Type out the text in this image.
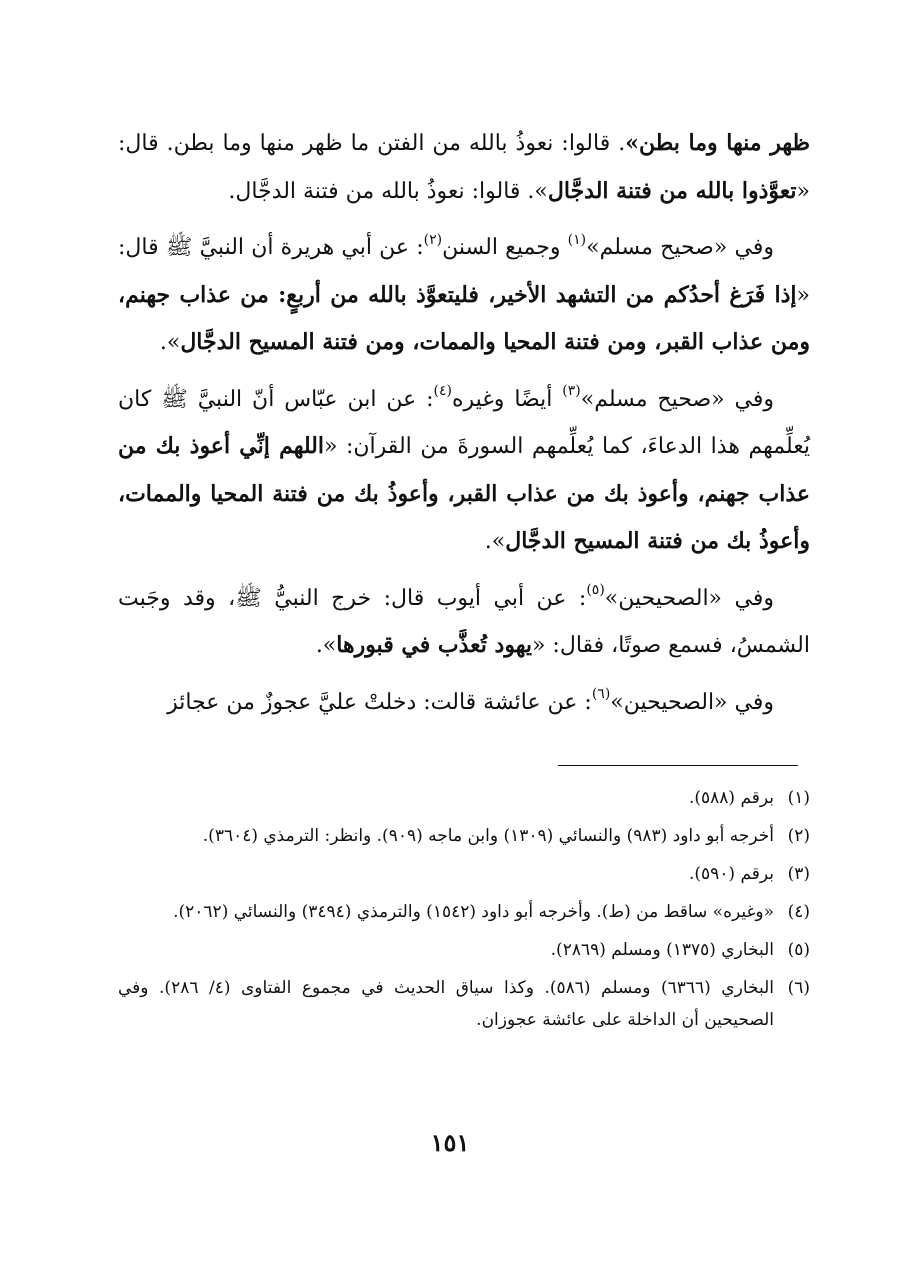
ظهر منها وما بطن». قالوا: نعوذُ بالله من الفتن ما ظهر منها وما بطن. قال: «تعوَّذوا بالله من فتنة الدجَّال». قالوا: نعوذُ بالله من فتنة الدجَّال.

وفي «صحيح مسلم»$^{(١)}$ وجميع السنن$^{(٢)}$: عن أبي هريرة أن النبيَّ ﷺ قال: «إذا فَرَغ أحدُكم من التشهد الأخير، فليتعوَّذ بالله من أربعٍ: من عذاب جهنم، ومن عذاب القبر، ومن فتنة المحيا والممات، ومن فتنة المسيح الدجَّال».

وفي «صحيح مسلم»$^{(٣)}$ أيضًا وغيره$^{(٤)}$: عن ابن عبّاس أنّ النبيَّ ﷺ كان يُعلِّمهم هذا الدعاءَ، كما يُعلِّمهم السورةَ من القرآن: «اللهم إنِّي أعوذ بك من عذاب جهنم، وأعوذ بك من عذاب القبر، وأعوذُ بك من فتنة المحيا والممات، وأعوذُ بك من فتنة المسيح الدجَّال».

وفي «الصحيحين»$^{(٥)}$: عن أبي أيوب قال: خرج النبيُّ ﷺ، وقد وجَبت الشمسُ، فسمع صوتًا، فقال: «يهود تُعذَّب في قبورها».

وفي «الصحيحين»$^{(٦)}$: عن عائشة قالت: دخلتْ عليَّ عجوزٌ من عجائز

(١)
برقم (٥٨٨).
(٢)
أخرجه أبو داود (٩٨٣) والنسائي (١٣٠٩) وابن ماجه (٩٠٩). وانظر: الترمذي (٣٦٠٤).
(٣)
برقم (٥٩٠).
(٤)
«وغيره» ساقط من (ط). وأخرجه أبو داود (١٥٤٢) والترمذي (٣٤٩٤) والنسائي (٢٠٦٢).
(٥)
البخاري (١٣٧٥) ومسلم (٢٨٦٩).
(٦)
البخاري (٦٣٦٦) ومسلم (٥٨٦). وكذا سياق الحديث في مجموع الفتاوى (٤/ ٢٨٦). وفي الصحيحين أن الداخلة على عائشة عجوزان.
١٥١
